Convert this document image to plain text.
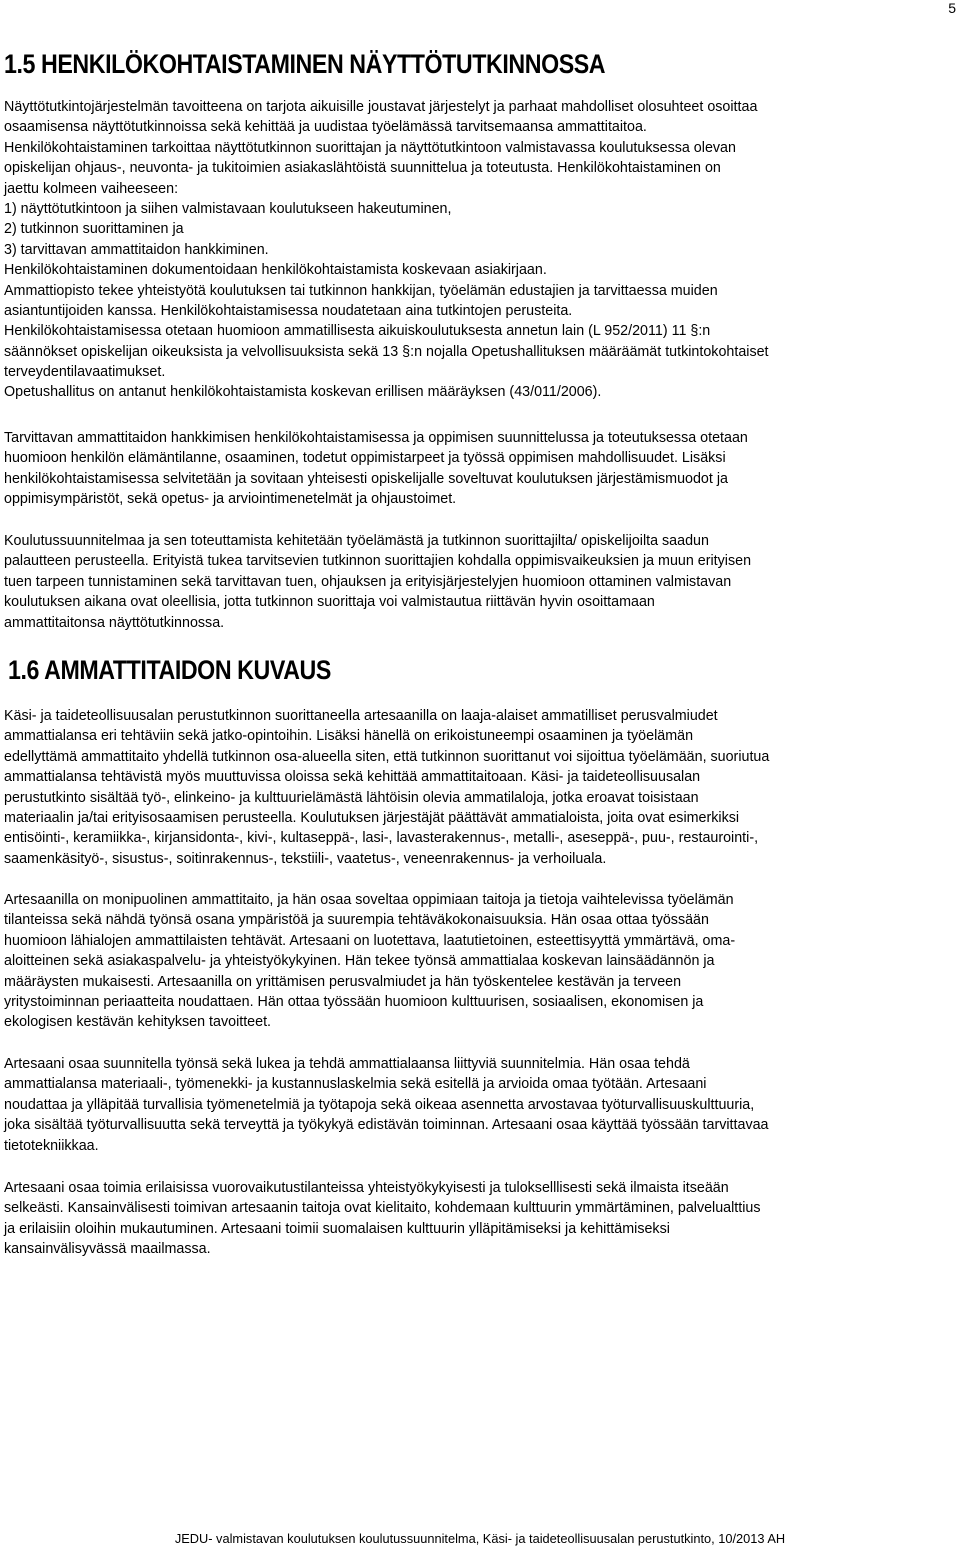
5
1.5 HENKILÖKOHTAISTAMINEN NÄYTTÖTUTKINNOSSA
Näyttötutkintojärjestelmän tavoitteena on tarjota aikuisille joustavat järjestelyt ja parhaat mahdolliset olosuhteet osoittaa
osaamisensa näyttötutkinnoissa sekä kehittää ja uudistaa työelämässä tarvitsemaansa ammattitaitoa.
Henkilökohtaistaminen tarkoittaa näyttötutkinnon suorittajan ja näyttötutkintoon valmistavassa koulutuksessa olevan
opiskelijan ohjaus-, neuvonta- ja tukitoimien asiakaslähtöistä suunnittelua ja toteutusta. Henkilökohtaistaminen on
jaettu kolmeen vaiheeseen:
1) näyttötutkintoon ja siihen valmistavaan koulutukseen hakeutuminen,
2) tutkinnon suorittaminen ja
3) tarvittavan ammattitaidon hankkiminen.
Henkilökohtaistaminen dokumentoidaan henkilökohtaistamista koskevaan asiakirjaan.
Ammattiopisto tekee yhteistyötä koulutuksen tai tutkinnon hankkijan, työelämän edustajien ja tarvittaessa muiden
asiantuntijoiden kanssa. Henkilökohtaistamisessa noudatetaan aina tutkintojen perusteita.
Henkilökohtaistamisessa otetaan huomioon ammatillisesta aikuiskoulutuksesta annetun lain (L 952/2011) 11 §:n
säännökset opiskelijan oikeuksista ja velvollisuuksista sekä 13 §:n nojalla Opetushallituksen määräämät tutkintokohtaiset
terveydentilavaatimukset.
Opetushallitus on antanut henkilökohtaistamista koskevan erillisen määräyksen (43/011/2006).
Tarvittavan ammattitaidon hankkimisen henkilökohtaistamisessa ja oppimisen suunnittelussa ja toteutuksessa otetaan
huomioon henkilön elämäntilanne, osaaminen, todetut oppimistarpeet ja työssä oppimisen mahdollisuudet. Lisäksi
henkilökohtaistamisessa selvitetään ja sovitaan yhteisesti opiskelijalle soveltuvat koulutuksen järjestämismuodot ja
oppimisympäristöt, sekä opetus- ja arviointimenetelmät ja ohjaustoimet.
Koulutussuunnitelmaa ja sen toteuttamista kehitetään työelämästä ja tutkinnon suorittajilta/ opiskelijoilta saadun
palautteen perusteella. Erityistä tukea tarvitsevien tutkinnon suorittajien kohdalla oppimisvaikeuksien ja muun erityisen
tuen tarpeen tunnistaminen sekä tarvittavan tuen, ohjauksen ja erityisjärjestelyjen huomioon ottaminen valmistavan
koulutuksen aikana ovat oleellisia, jotta tutkinnon suorittaja voi valmistautua riittävän hyvin osoittamaan
ammattitaitonsa näyttötutkinnossa.
1.6 AMMATTITAIDON KUVAUS
Käsi- ja taideteollisuusalan perustutkinnon suorittaneella artesaanilla on laaja-alaiset ammatilliset perusvalmiudet
ammattialansa eri tehtäviin sekä jatko-opintoihin. Lisäksi hänellä on erikoistuneempi osaaminen ja työelämän
edellyttämä ammattitaito yhdellä tutkinnon osa-alueella siten, että tutkinnon suorittanut voi sijoittua työelämään, suoriutua
ammattialansa tehtävistä myös muuttuvissa oloissa sekä kehittää ammattitaitoaan. Käsi- ja taideteollisuusalan
perustutkinto sisältää työ-, elinkeino- ja kulttuurielämästä lähtöisin olevia ammatilaloja, jotka eroavat toisistaan
materiaalin ja/tai erityisosaamisen perusteella. Koulutuksen järjestäjät päättävät ammatialoista, joita ovat esimerkiksi
entisöinti-, keramiikka-, kirjansidonta-, kivi-, kultaseppä-, lasi-, lavasterakennus-, metalli-, aseseppä-, puu-, restaurointi-,
saamenkäsityö-, sisustus-, soitinrakennus-, tekstiili-, vaatetus-, veneenrakennus- ja verhoiluala.
Artesaanilla on monipuolinen ammattitaito, ja hän osaa soveltaa oppimiaan taitoja ja tietoja vaihtelevissa työelämän
tilanteissa sekä nähdä työnsä osana ympäristöä ja suurempia tehtäväkokonaisuuksia. Hän osaa ottaa työssään
huomioon lähialojen ammattilaisten tehtävät. Artesaani on luotettava, laatutietoinen, esteettisyyttä ymmärtävä, oma-
aloitteinen sekä asiakaspalvelu- ja yhteistyökykyinen. Hän tekee työnsä ammattialaa koskevan lainsäädännön ja
määräysten mukaisesti. Artesaanilla on yrittämisen perusvalmiudet ja hän työskentelee kestävän ja terveen
yritystoiminnan periaatteita noudattaen. Hän ottaa työssään huomioon kulttuurisen, sosiaalisen, ekonomisen ja
ekologisen kestävän kehityksen tavoitteet.
Artesaani osaa suunnitella työnsä sekä lukea ja tehdä ammattialaansa liittyviä suunnitelmia. Hän osaa tehdä
ammattialansa materiaali-, työmenekki- ja kustannuslaskelmia sekä esitellä ja arvioida omaa työtään. Artesaani
noudattaa ja ylläpitää turvallisia työmenetelmiä ja työtapoja sekä oikeaa asennetta arvostavaa työturvallisuuskulttuuria,
joka sisältää työturvallisuutta sekä terveyttä ja työkykyä edistävän toiminnan. Artesaani osaa käyttää työssään tarvittavaa
tietotekniikkaa.
Artesaani osaa toimia erilaisissa vuorovaikutustilanteissa yhteistyökykyisesti ja tulokselllisesti sekä ilmaista itseään
selkeästi. Kansainvälisesti toimivan artesaanin taitoja ovat kielitaito, kohdemaan kulttuurin ymmärtäminen, palvelualttius
ja erilaisiin oloihin mukautuminen. Artesaani toimii suomalaisen kulttuurin ylläpitämiseksi ja kehittämiseksi
kansainvälisyvässä maailmassa.
JEDU- valmistavan koulutuksen koulutussuunnitelma, Käsi- ja taideteollisuusalan perustutkinto, 10/2013 AH
